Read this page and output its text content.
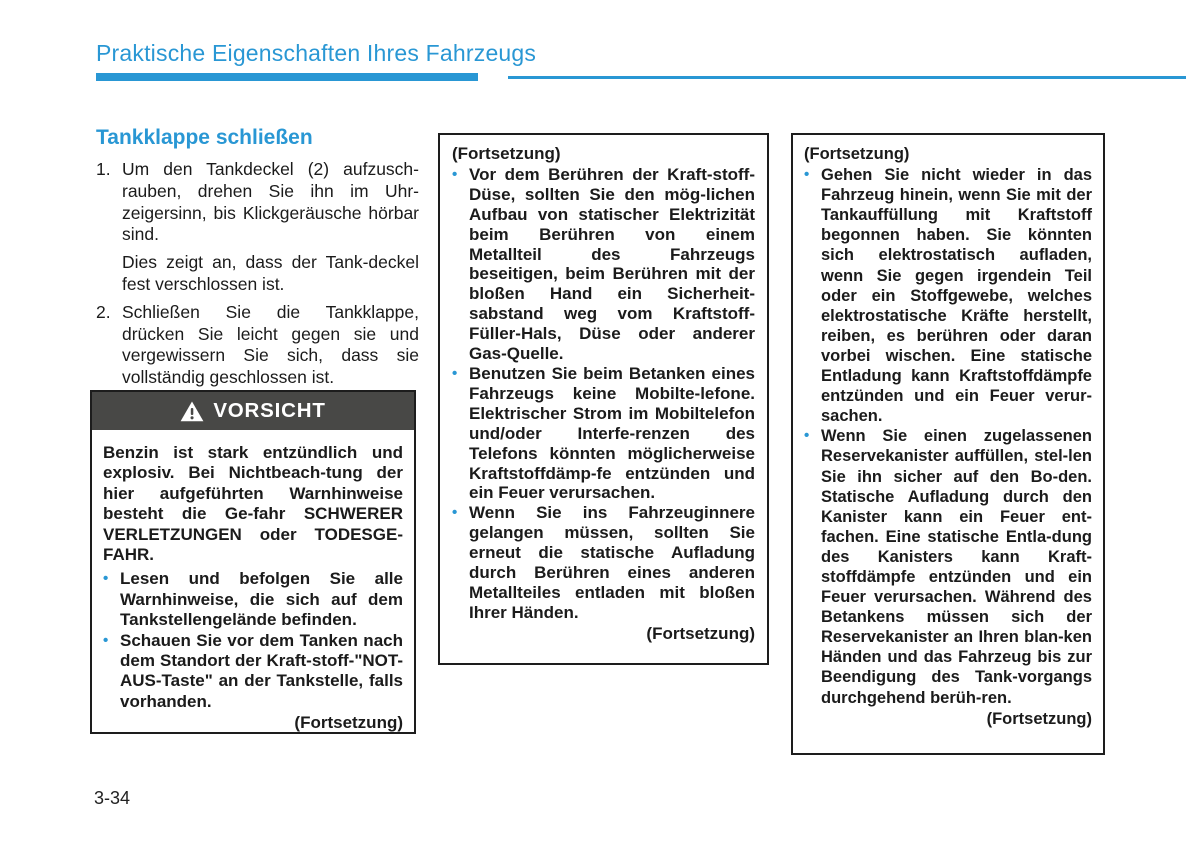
Praktische Eigenschaften Ihres Fahrzeugs
Tankklappe schließen
1. Um den Tankdeckel (2) aufzusch-rauben, drehen Sie ihn im Uhr-zeigersinn, bis Klickgeräusche hörbar sind.
Dies zeigt an, dass der Tank-deckel fest verschlossen ist.
2. Schließen Sie die Tankklappe, drücken Sie leicht gegen sie und vergewissern Sie sich, dass sie vollständig geschlossen ist.
VORSICHT

Benzin ist stark entzündlich und explosiv. Bei Nichtbeach-tung der hier aufgeführten Warnhinweise besteht die Ge-fahr SCHWERER VERLETZUNGEN oder TODESGE-FAHR.

• Lesen und befolgen Sie alle Warnhinweise, die sich auf dem Tankstellengelände befinden.
• Schauen Sie vor dem Tanken nach dem Standort der Kraft-stoff-"NOT-AUS-Taste" an der Tankstelle, falls vorhanden.
(Fortsetzung)
(Fortsetzung)
• Vor dem Berühren der Kraft-stoff-Düse, sollten Sie den mög-lichen Aufbau von statischer Elektrizität beim Berühren von einem Metallteil des Fahrzeugs beseitigen, beim Berühren mit der bloßen Hand ein Sicherheit-sabstand weg vom Kraftstoff-Füller-Hals, Düse oder anderer Gas-Quelle.
• Benutzen Sie beim Betanken eines Fahrzeugs keine Mobilte-lefone. Elektrischer Strom im Mobiltelefon und/oder Interfe-renzen des Telefons könnten möglicherweise Kraftstoffdämp-fe entzünden und ein Feuer verursachen.
• Wenn Sie ins Fahrzeuginnere gelangen müssen, sollten Sie erneut die statische Aufladung durch Berühren eines anderen Metallteiles entladen mit bloßen Ihrer Händen.
(Fortsetzung)
(Fortsetzung)
• Gehen Sie nicht wieder in das Fahrzeug hinein, wenn Sie mit der Tankauffüllung mit Kraftstoff begonnen haben. Sie könnten sich elektrostatisch aufladen, wenn Sie gegen irgendein Teil oder ein Stoffgewebe, welches elektrostatische Kräfte herstellt, reiben, es berühren oder daran vorbei wischen. Eine statische Entladung kann Kraftstoffdämpfe entzünden und ein Feuer verur-sachen.
• Wenn Sie einen zugelassenen Reservekanister auffüllen, stel-len Sie ihn sicher auf den Bo-den. Statische Aufladung durch den Kanister kann ein Feuer ent-fachen. Eine statische Entla-dung des Kanisters kann Kraft-stoffdämpfe entzünden und ein Feuer verursachen. Während des Betankens müssen sich der Reservekanister an Ihren blan-ken Händen und das Fahrzeug bis zur Beendigung des Tank-vorgangs durchgehend berüh-ren.
(Fortsetzung)
3-34
